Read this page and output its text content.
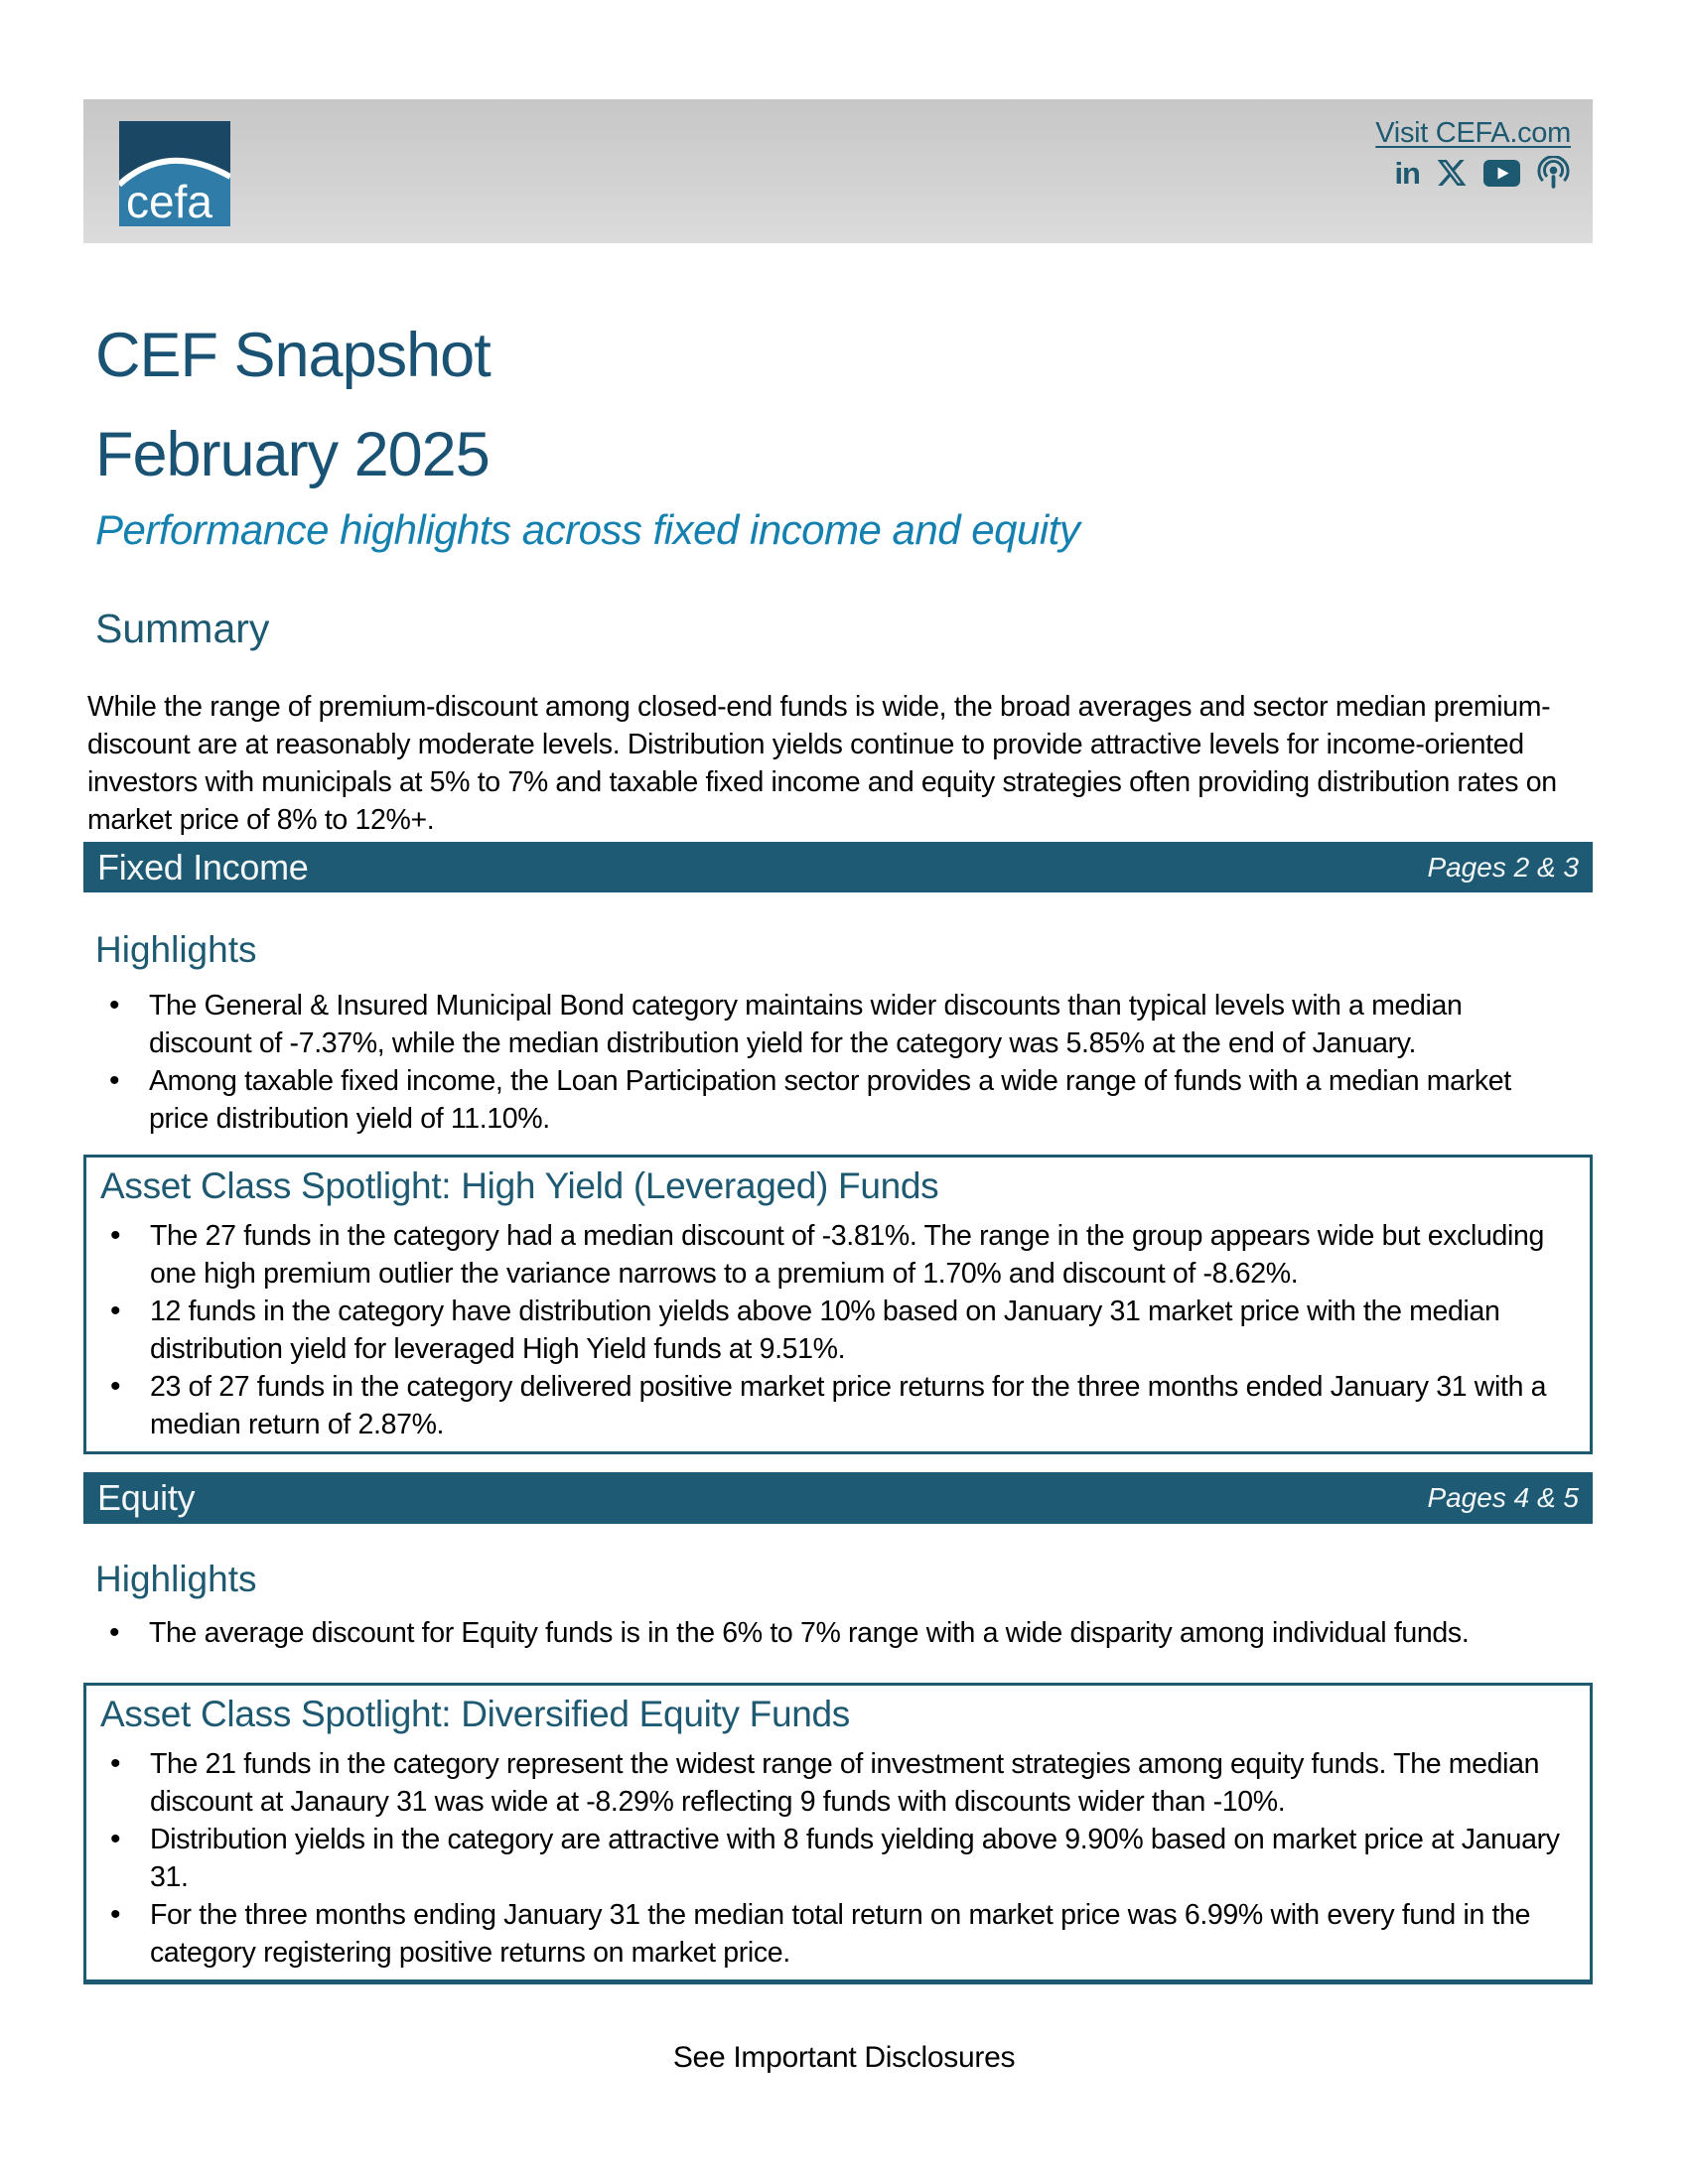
cefa
Visit CEFA.com
in
CEF Snapshot
February 2025
Performance highlights across fixed income and equity
Summary

While the range of premium-discount among closed-end funds is wide, the broad averages and sector median premium-discount are at reasonably moderate levels. Distribution yields continue to provide attractive levels for income-oriented investors with municipals at 5% to 7% and taxable fixed income and equity strategies often providing distribution rates on market price of 8% to 12%+.

Fixed Income	Pages 2 & 3
Highlights
• The General & Insured Municipal Bond category maintains wider discounts than typical levels with a median discount of -7.37%, while the median distribution yield for the category was 5.85% at the end of January.
• Among taxable fixed income, the Loan Participation sector provides a wide range of funds with a median market price distribution yield of 11.10%.
Asset Class Spotlight: High Yield (Leveraged) Funds
• The 27 funds in the category had a median discount of -3.81%. The range in the group appears wide but excluding one high premium outlier the variance narrows to a premium of 1.70% and discount of -8.62%.
• 12 funds in the category have distribution yields above 10% based on January 31 market price with the median distribution yield for leveraged High Yield funds at 9.51%.
• 23 of 27 funds in the category delivered positive market price returns for the three months ended January 31 with a median return of 2.87%.
Equity	Pages 4 & 5
Highlights
• The average discount for Equity funds is in the 6% to 7% range with a wide disparity among individual funds.
Asset Class Spotlight: Diversified Equity Funds
• The 21 funds in the category represent the widest range of investment strategies among equity funds. The median discount at Janaury 31 was wide at -8.29% reflecting 9 funds with discounts wider than -10%.
• Distribution yields in the category are attractive with 8 funds yielding above 9.90% based on market price at January 31.
• For the three months ending January 31 the median total return on market price was 6.99% with every fund in the category registering positive returns on market price.
See Important Disclosures
